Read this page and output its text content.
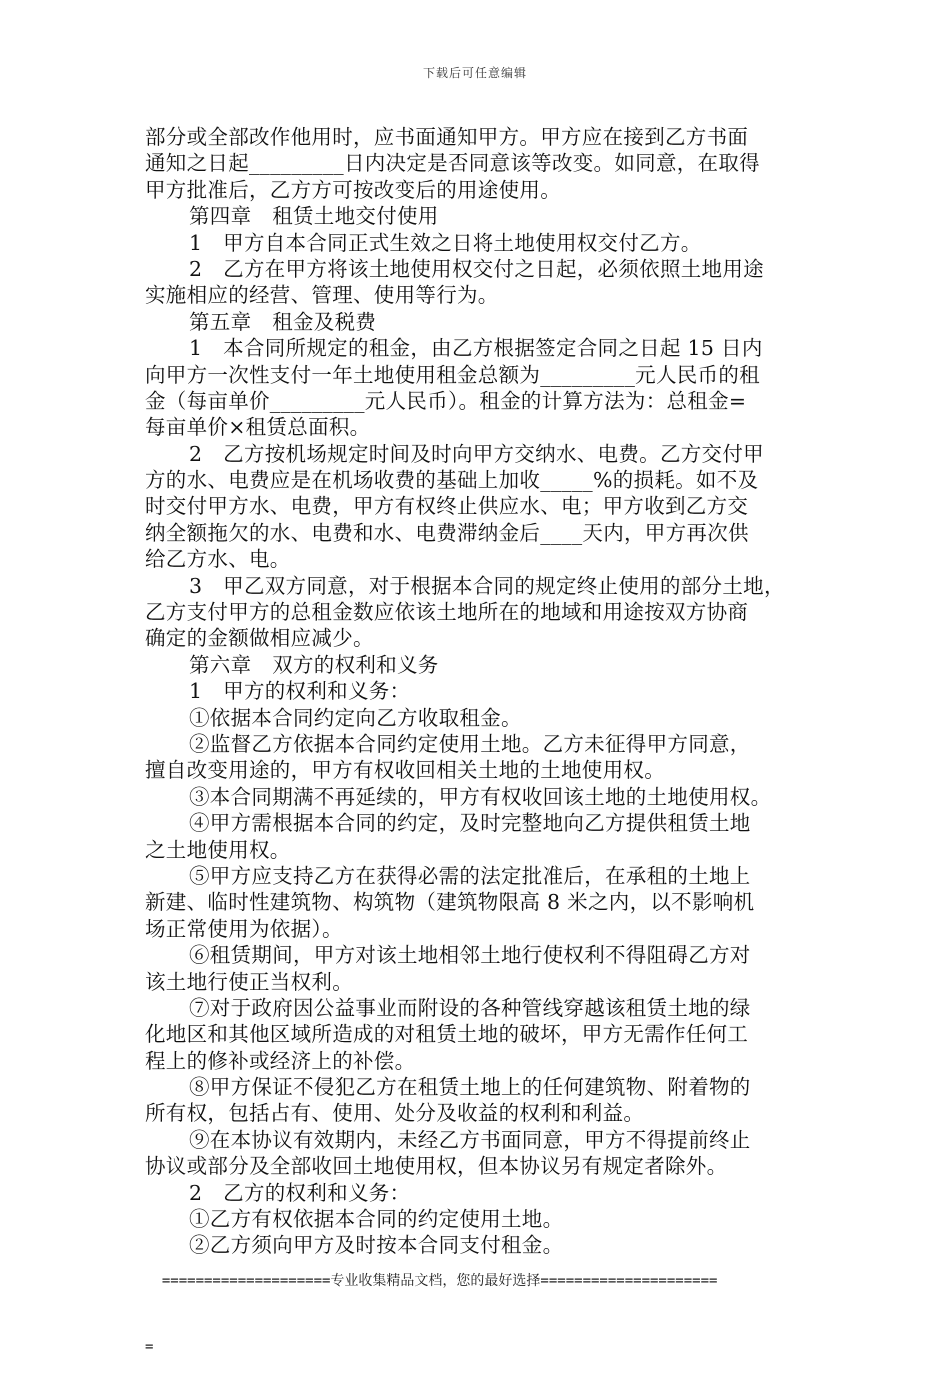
下载后可任意编辑
部分或全部改作他用时，应书面通知甲方。甲方应在接到乙方书面
通知之日起_________日内决定是否同意该等改变。如同意，在取得
甲方批准后，乙方方可按改变后的用途使用。
第四章　租赁土地交付使用
1　甲方自本合同正式生效之日将土地使用权交付乙方。
2　乙方在甲方将该土地使用权交付之日起，必须依照土地用途
实施相应的经营、管理、使用等行为。
第五章　租金及税费
1　本合同所规定的租金，由乙方根据签定合同之日起 15 日内
向甲方一次性支付一年土地使用租金总额为_________元人民币的租
金（每亩单价_________元人民币）。租金的计算方法为：总租金=
每亩单价×租赁总面积。
2　乙方按机场规定时间及时向甲方交纳水、电费。乙方交付甲
方的水、电费应是在机场收费的基础上加收_____%的损耗。如不及
时交付甲方水、电费，甲方有权终止供应水、电；甲方收到乙方交
纳全额拖欠的水、电费和水、电费滞纳金后____天内，甲方再次供
给乙方水、电。
3　甲乙双方同意，对于根据本合同的规定终止使用的部分土地，
乙方支付甲方的总租金数应依该土地所在的地域和用途按双方协商
确定的金额做相应减少。
第六章　双方的权利和义务
1　甲方的权利和义务：
①依据本合同约定向乙方收取租金。
②监督乙方依据本合同约定使用土地。乙方未征得甲方同意，
擅自改变用途的，甲方有权收回相关土地的土地使用权。
③本合同期满不再延续的，甲方有权收回该土地的土地使用权。
④甲方需根据本合同的约定，及时完整地向乙方提供租赁土地
之土地使用权。
⑤甲方应支持乙方在获得必需的法定批准后，在承租的土地上
新建、临时性建筑物、构筑物（建筑物限高 8 米之内，以不影响机
场正常使用为依据）。
⑥租赁期间，甲方对该土地相邻土地行使权利不得阻碍乙方对
该土地行使正当权利。
⑦对于政府因公益事业而附设的各种管线穿越该租赁土地的绿
化地区和其他区域所造成的对租赁土地的破坏，甲方无需作任何工
程上的修补或经济上的补偿。
⑧甲方保证不侵犯乙方在租赁土地上的任何建筑物、附着物的
所有权，包括占有、使用、处分及收益的权利和利益。
⑨在本协议有效期内，未经乙方书面同意，甲方不得提前终止
协议或部分及全部收回土地使用权，但本协议另有规定者除外。
2　乙方的权利和义务：
①乙方有权依据本合同的约定使用土地。
②乙方须向甲方及时按本合同支付租金。

====================专业收集精品文档，您的最好选择=====================

=
